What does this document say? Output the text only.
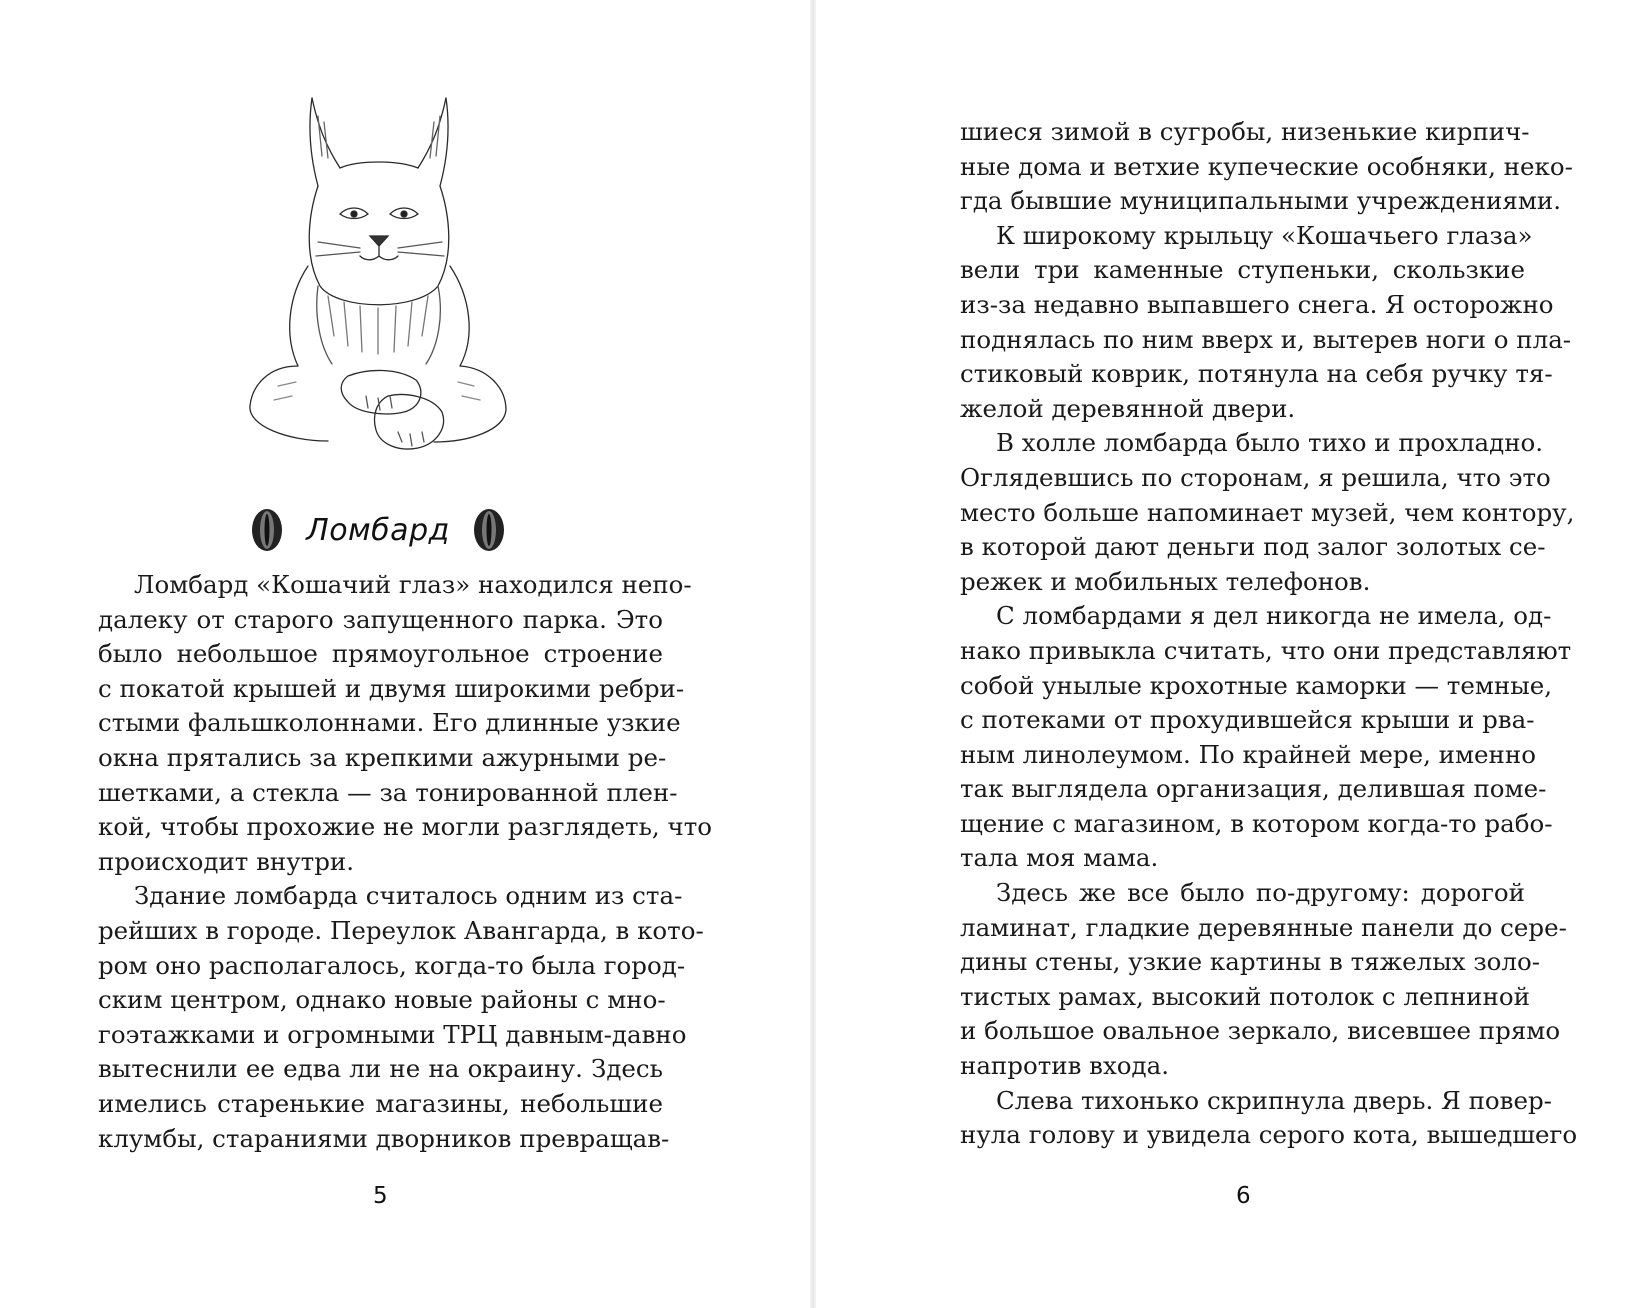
Ломбард
Ломбард «Кошачий глаз» находился непо-
далеку от старого запущенного парка. Это
было небольшое прямоугольное строение
с покатой крышей и двумя широкими ребри-
стыми фальшколоннами. Его длинные узкие
окна прятались за крепкими ажурными ре-
шетками, а стекла — за тонированной плен-
кой, чтобы прохожие не могли разглядеть, что
происходит внутри.
Здание ломбарда считалось одним из ста-
рейших в городе. Переулок Авангарда, в кото-
ром оно располагалось, когда-то была город-
ским центром, однако новые районы с мно-
гоэтажками и огромными ТРЦ давным-давно
вытеснили ее едва ли не на окраину. Здесь
имелись старенькие магазины, небольшие
клумбы, стараниями дворников превращав-
5
шиеся зимой в сугробы, низенькие кирпич-
ные дома и ветхие купеческие особняки, неко-
гда бывшие муниципальными учреждениями.
К широкому крыльцу «Кошачьего глаза»
вели три каменные ступеньки, скользкие
из-за недавно выпавшего снега. Я осторожно
поднялась по ним вверх и, вытерев ноги о пла-
стиковый коврик, потянула на себя ручку тя-
желой деревянной двери.
В холле ломбарда было тихо и прохладно.
Оглядевшись по сторонам, я решила, что это
место больше напоминает музей, чем контору,
в которой дают деньги под залог золотых се-
режек и мобильных телефонов.
С ломбардами я дел никогда не имела, од-
нако привыкла считать, что они представляют
собой унылые крохотные каморки — темные,
с потеками от прохудившейся крыши и рва-
ным линолеумом. По крайней мере, именно
так выглядела организация, делившая поме-
щение с магазином, в котором когда-то рабо-
тала моя мама.
Здесь же все было по-другому: дорогой
ламинат, гладкие деревянные панели до сере-
дины стены, узкие картины в тяжелых золо-
тистых рамах, высокий потолок с лепниной
и большое овальное зеркало, висевшее прямо
напротив входа.
Слева тихонько скрипнула дверь. Я повер-
нула голову и увидела серого кота, вышедшего
6
